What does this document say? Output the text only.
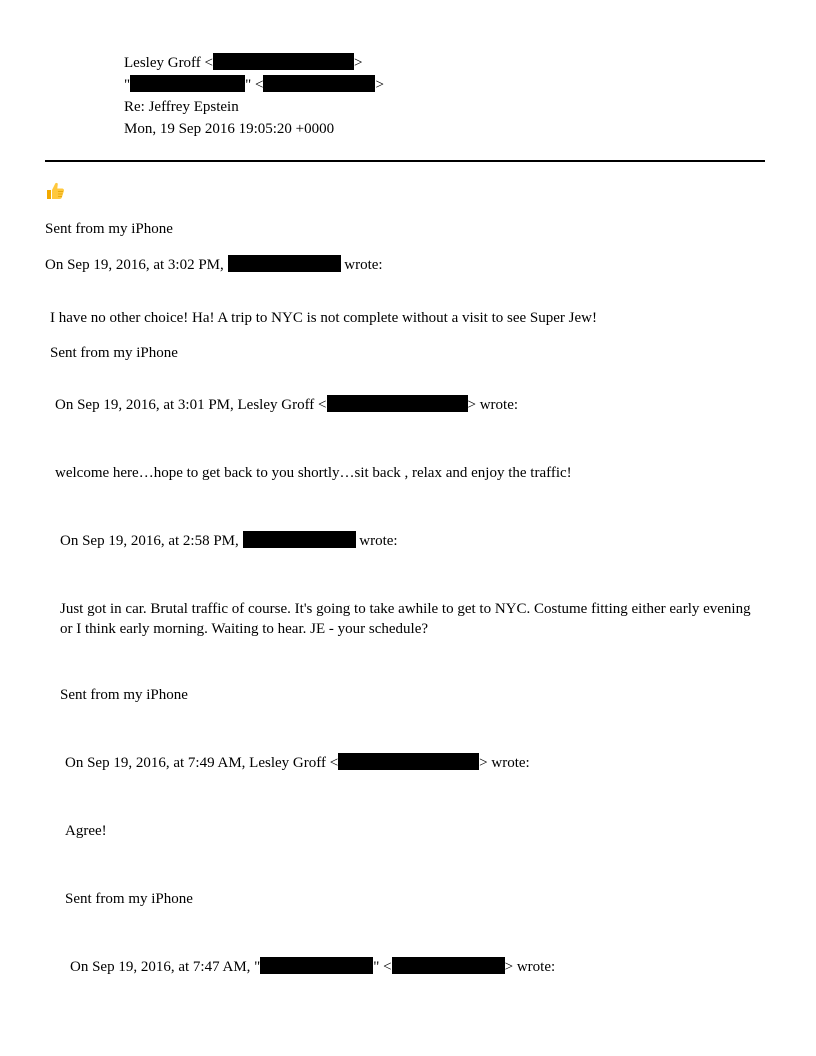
Lesley Groff <	>
"	" <	>
Re: Jeffrey Epstein
Mon, 19 Sep 2016 19:05:20 +0000
Sent from my iPhone
On Sep 19, 2016, at 3:02 PM,	wrote:
I have no other choice! Ha! A trip to NYC is not complete without a visit to see Super Jew!
Sent from my iPhone
On Sep 19, 2016, at 3:01 PM, Lesley Groff <	> wrote:
welcome here…hope to get back to you shortly…sit back , relax and enjoy the traffic!
On Sep 19, 2016, at 2:58 PM,	wrote:
Just got in car. Brutal traffic of course. It's going to take awhile to get to NYC. Costume fitting either early evening or I think early morning. Waiting to hear. JE - your schedule?
Sent from my iPhone
On Sep 19, 2016, at 7:49 AM, Lesley Groff <	> wrote:
Agree!
Sent from my iPhone
On Sep 19, 2016, at 7:47 AM, "	" <	> wrote:
